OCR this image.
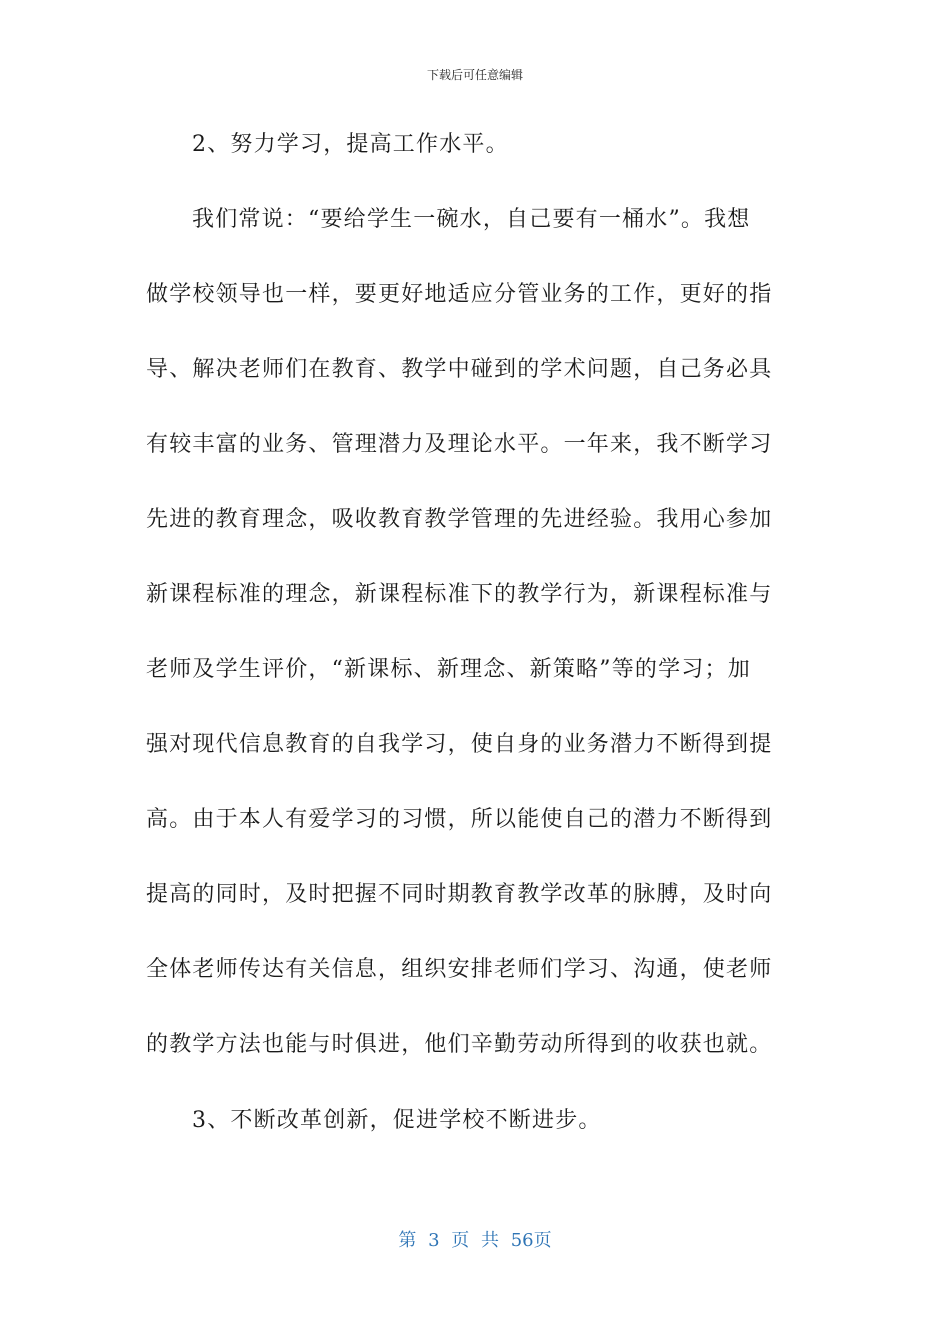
下载后可任意编辑
2、努力学习，提高工作水平。
我们常说：“要给学生一碗水，自己要有一桶水”。我想
做学校领导也一样，要更好地适应分管业务的工作，更好的指
导、解决老师们在教育、教学中碰到的学术问题，自己务必具
有较丰富的业务、管理潜力及理论水平。一年来，我不断学习
先进的教育理念，吸收教育教学管理的先进经验。我用心参加
新课程标准的理念，新课程标准下的教学行为，新课程标准与
老师及学生评价，“新课标、新理念、新策略”等的学习；加
强对现代信息教育的自我学习，使自身的业务潜力不断得到提
高。由于本人有爱学习的习惯，所以能使自己的潜力不断得到
提高的同时，及时把握不同时期教育教学改革的脉膊，及时向
全体老师传达有关信息，组织安排老师们学习、沟通，使老师
的教学方法也能与时俱进，他们辛勤劳动所得到的收获也就。
3、不断改革创新，促进学校不断进步。
第 3 页 共 56页
